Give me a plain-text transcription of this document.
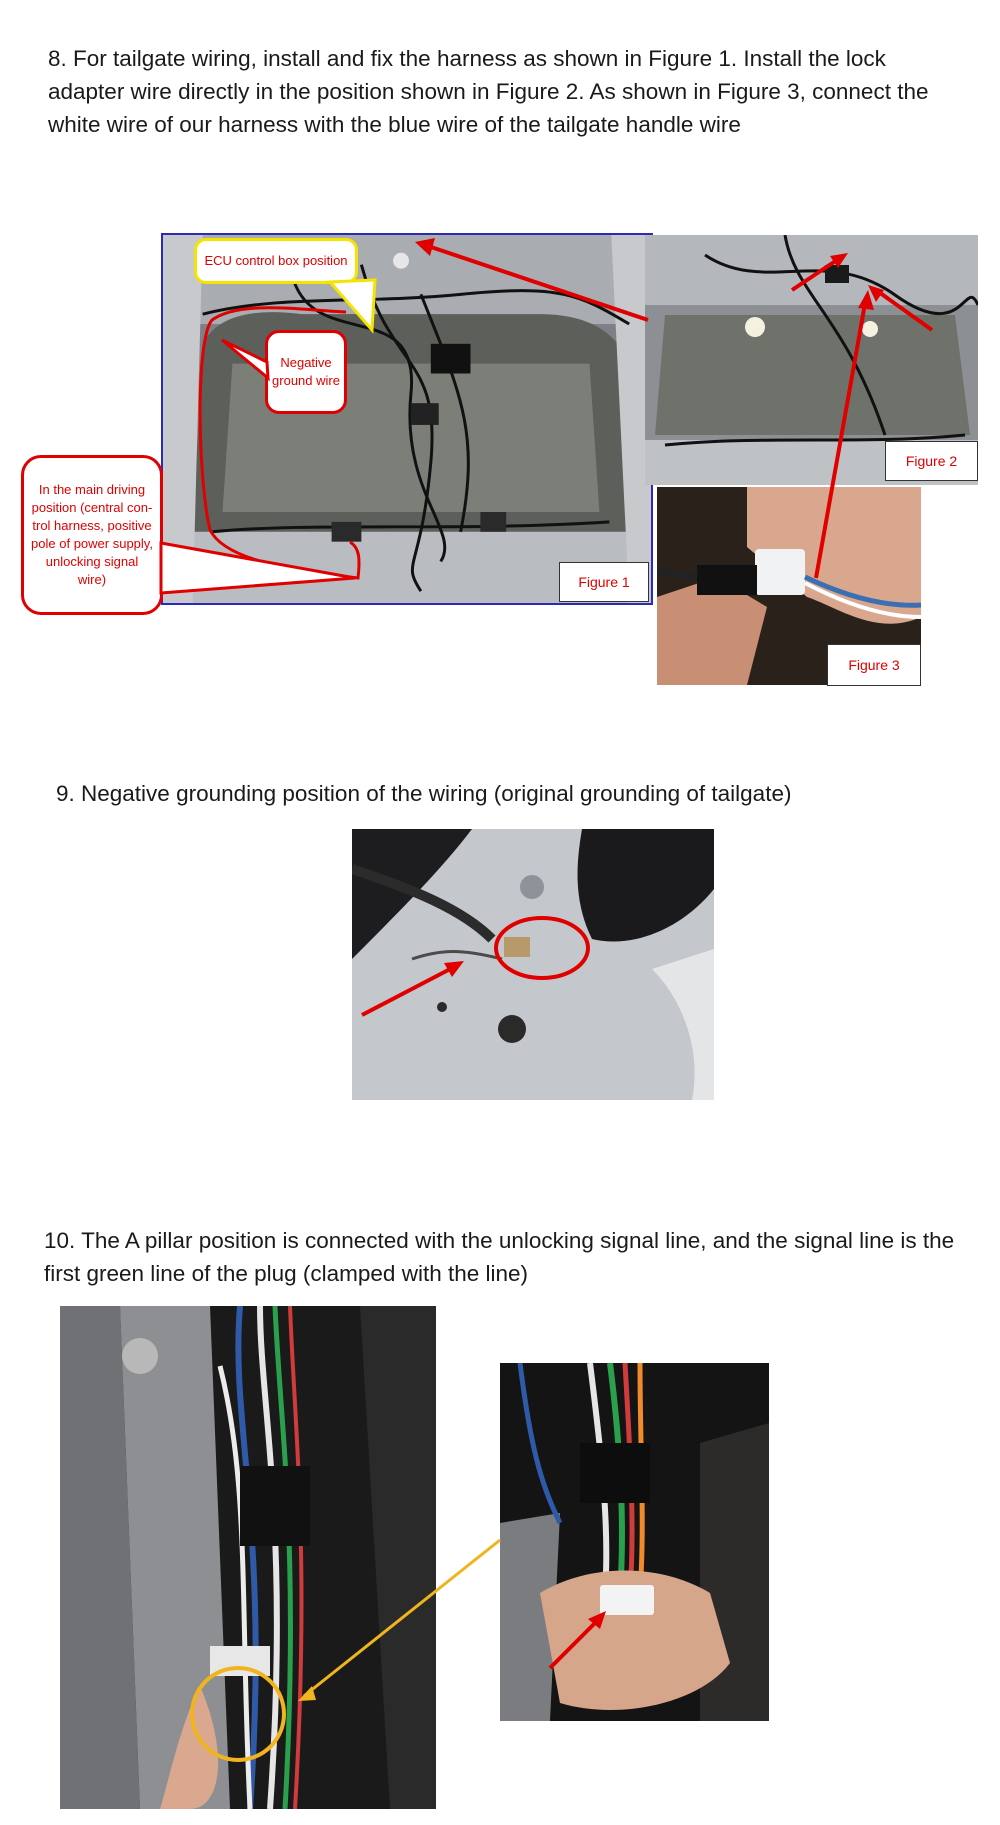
8. For tailgate wiring, install and fix the harness as shown in Figure 1. Install the lock adapter wire directly in the position shown in Figure 2. As shown in Figure 3, connect the white wire of our harness with the blue wire of the tailgate handle wire

ECU control box position
Negative ground wire
In the main driving position (central con- trol harness, positive pole of power supply, unlocking signal wire)	Figure 1
Figure 2
Figure 3

9. Negative grounding position of the wiring (original grounding of tailgate)

10. The A pillar position is connected with the unlocking signal line, and the signal line is the first green line of the plug (clamped with the line)
